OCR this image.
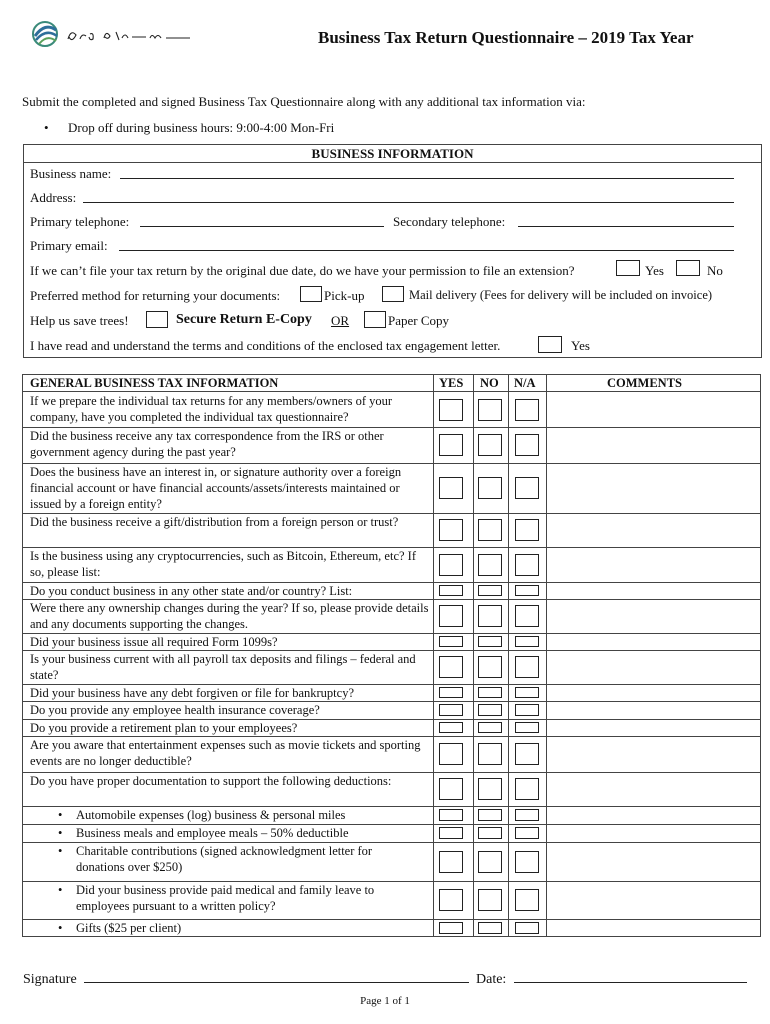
Business Tax Return Questionnaire – 2019 Tax Year
Submit the completed and signed Business Tax Questionnaire along with any additional tax information via:
• Drop off during business hours: 9:00-4:00 Mon-Fri
BUSINESS INFORMATION
Business name:
Address:
Primary telephone:	Secondary telephone:
Primary email:
If we can’t file your tax return by the original due date, do we have your permission to file an extension?	Yes	No
Preferred method for returning your documents:	Pick-up	Mail delivery (Fees for delivery will be included on invoice)
Help us save trees!	Secure Return E-Copy OR	Paper Copy
I have read and understand the terms and conditions of the enclosed tax engagement letter.	Yes
GENERAL BUSINESS TAX INFORMATION	YES NO N/A	COMMENTS
If we prepare the individual tax returns for any members/owners of your company, have you completed the individual tax questionnaire?
Did the business receive any tax correspondence from the IRS or other government agency during the past year?
Does the business have an interest in, or signature authority over a foreign financial account or have financial accounts/assets/interests maintained or issued by a foreign entity?
Did the business receive a gift/distribution from a foreign person or trust?
Is the business using any cryptocurrencies, such as Bitcoin, Ethereum, etc? If so, please list:
Do you conduct business in any other state and/or country? List:
Were there any ownership changes during the year? If so, please provide details and any documents supporting the changes.
Did your business issue all required Form 1099s?
Is your business current with all payroll tax deposits and filings – federal and state?
Did your business have any debt forgiven or file for bankruptcy?
Do you provide any employee health insurance coverage?
Do you provide a retirement plan to your employees?
Are you aware that entertainment expenses such as movie tickets and sporting events are no longer deductible?
Do you have proper documentation to support the following deductions:
• Automobile expenses (log) business & personal miles
• Business meals and employee meals – 50% deductible
• Charitable contributions (signed acknowledgment letter for donations over $250)
• Did your business provide paid medical and family leave to employees pursuant to a written policy?
• Gifts ($25 per client)
Signature	Date:
Page 1 of 1
